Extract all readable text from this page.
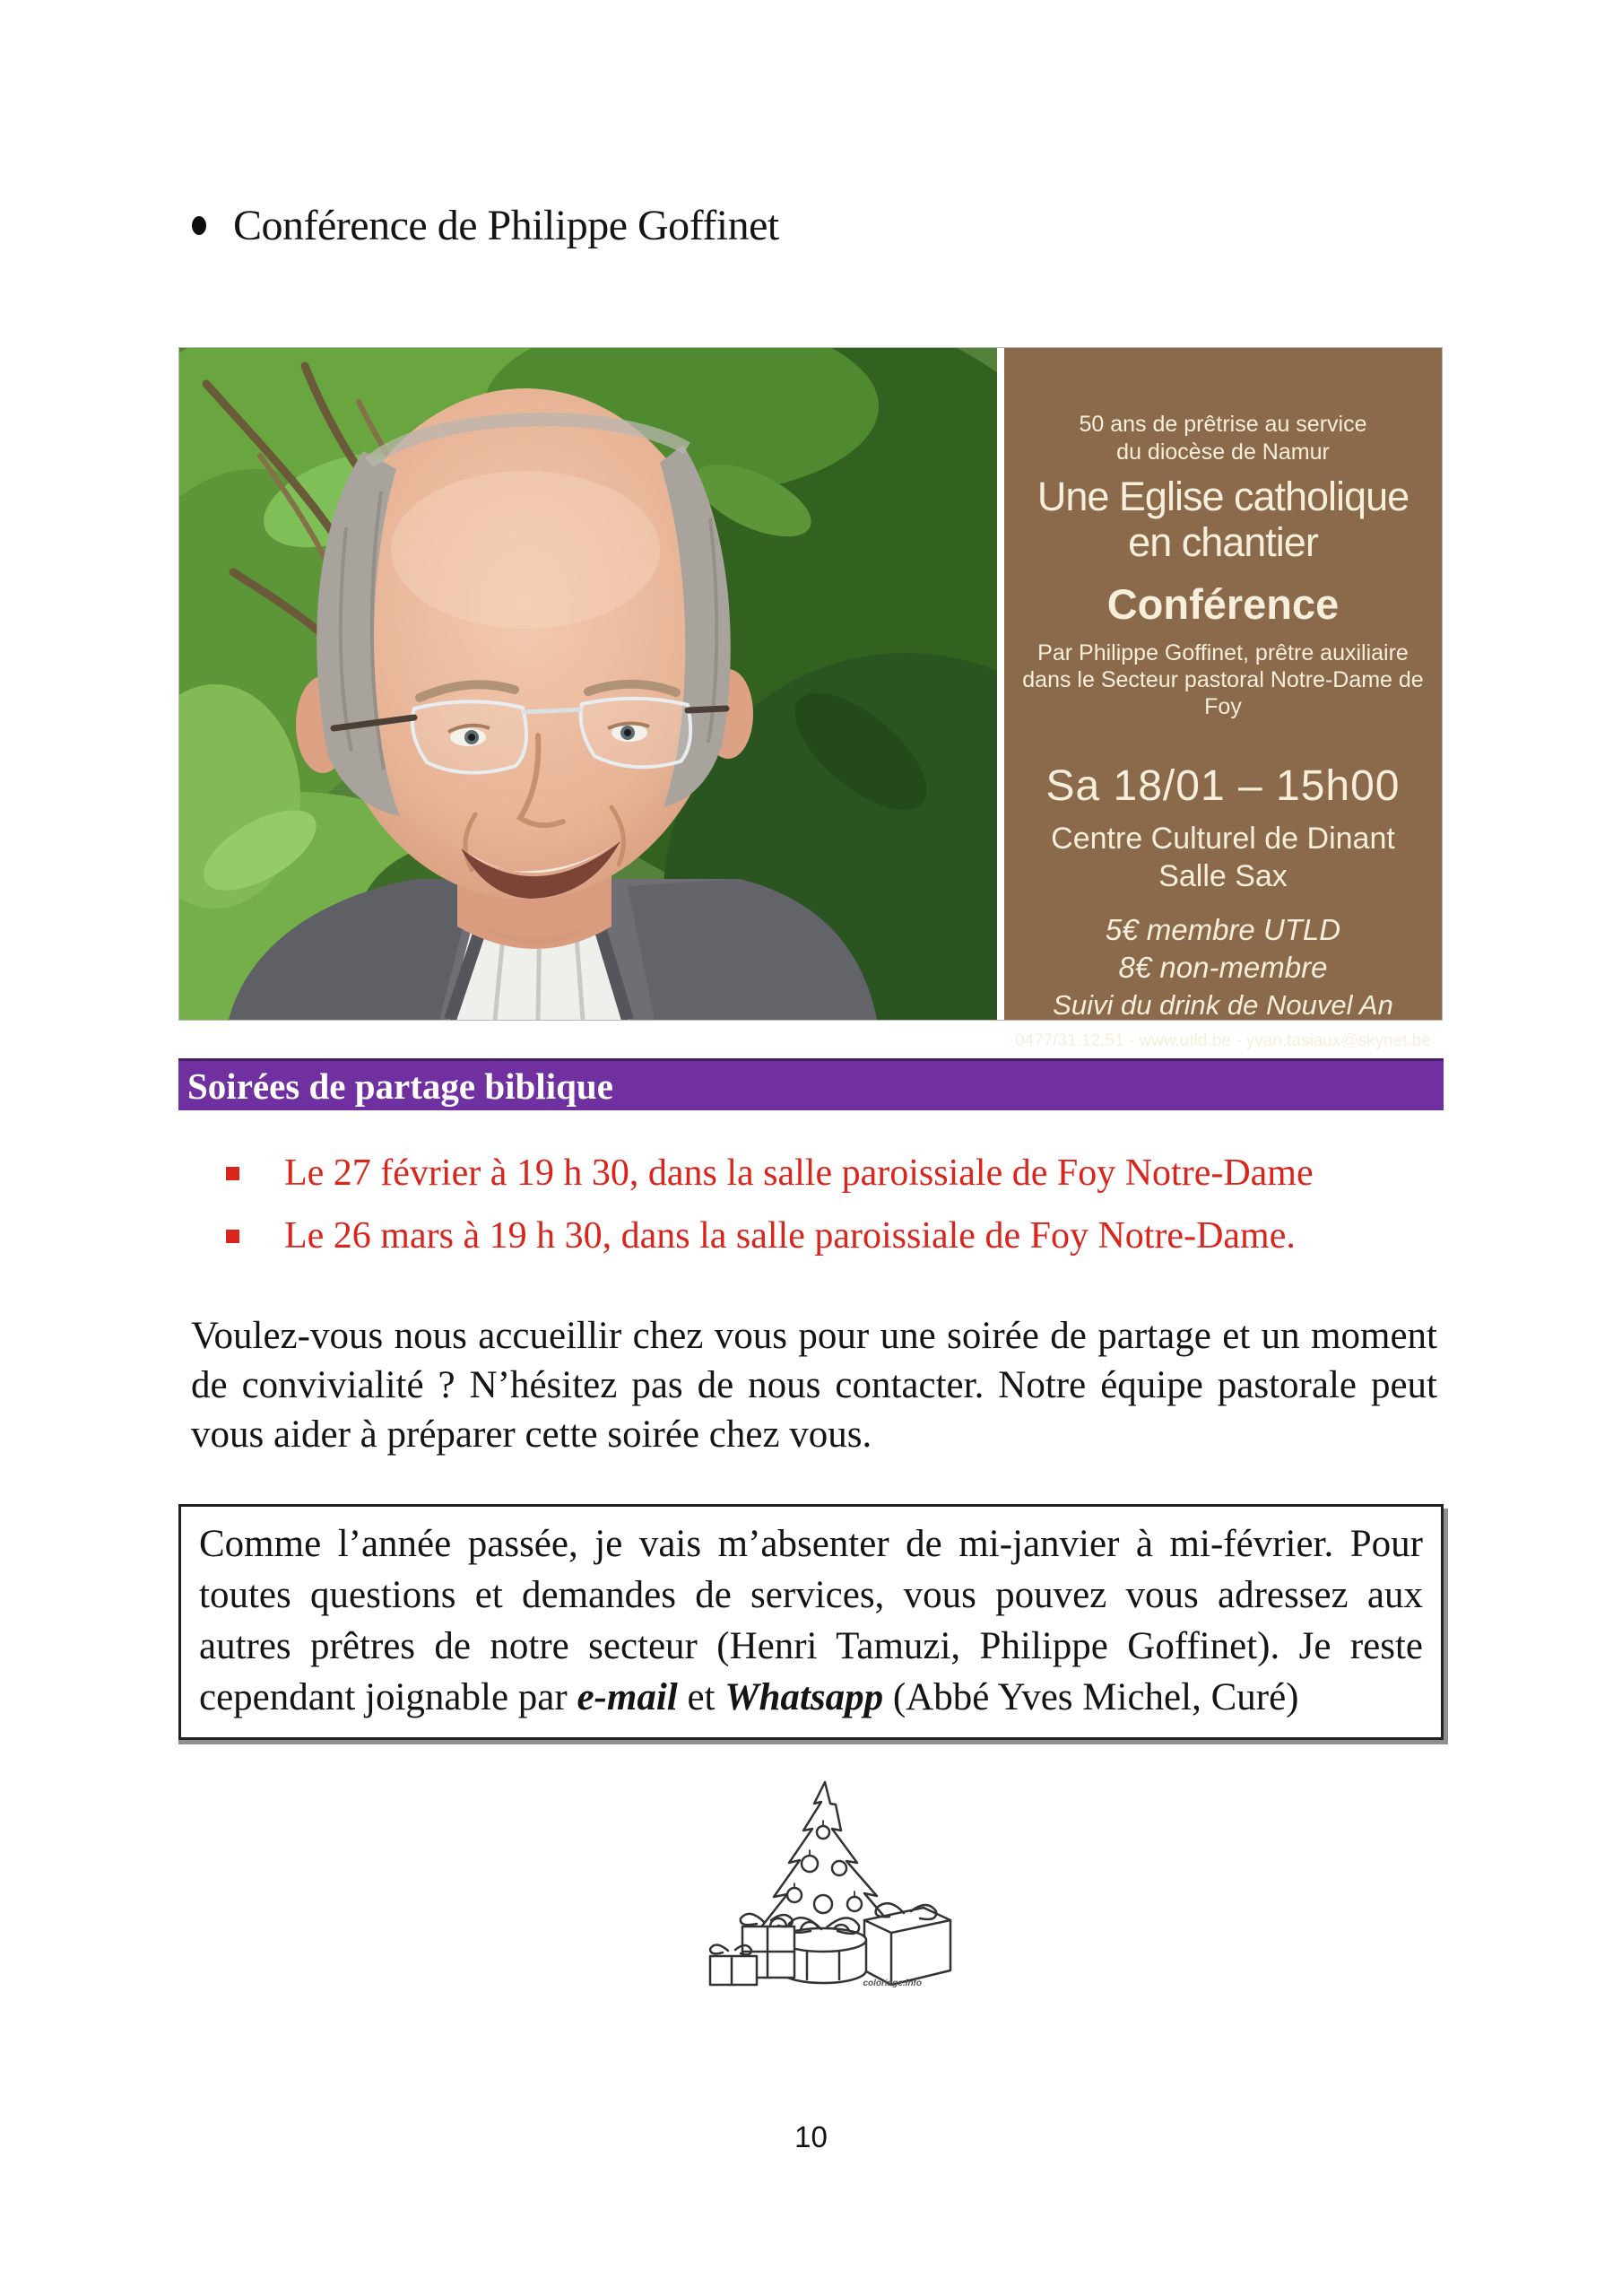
Conférence de Philippe Goffinet
50 ans de prêtrise au service
du diocèse de Namur
Une Eglise catholique
en chantier
Conférence
Par Philippe Goffinet, prêtre auxiliaire
dans le Secteur pastoral Notre-Dame de Foy
Sa 18/01 – 15h00
Centre Culturel de Dinant
Salle Sax
5€ membre UTLD
8€ non-membre
Suivi du drink de Nouvel An
0477/31.12.51 - www.utld.be - yvan.tasiaux@skynet.be
Soirées de partage biblique
Le 27 février à 19 h 30, dans la salle paroissiale de Foy Notre-Dame
Le 26 mars à 19 h 30, dans la salle paroissiale de Foy Notre-Dame.

Voulez-vous nous accueillir chez vous pour une soirée de partage et un moment de convivialité ? N’hésitez pas de nous contacter. Notre équipe pastorale peut vous aider à préparer cette soirée chez vous.

Comme l’année passée, je vais m’absenter de mi-janvier à mi-février. Pour toutes questions et demandes de services, vous pouvez vous adressez aux autres prêtres de notre secteur (Henri Tamuzi, Philippe Goffinet). Je reste cependant joignable par e-mail et Whatsapp (Abbé Yves Michel, Curé)
coloriage.info
10
